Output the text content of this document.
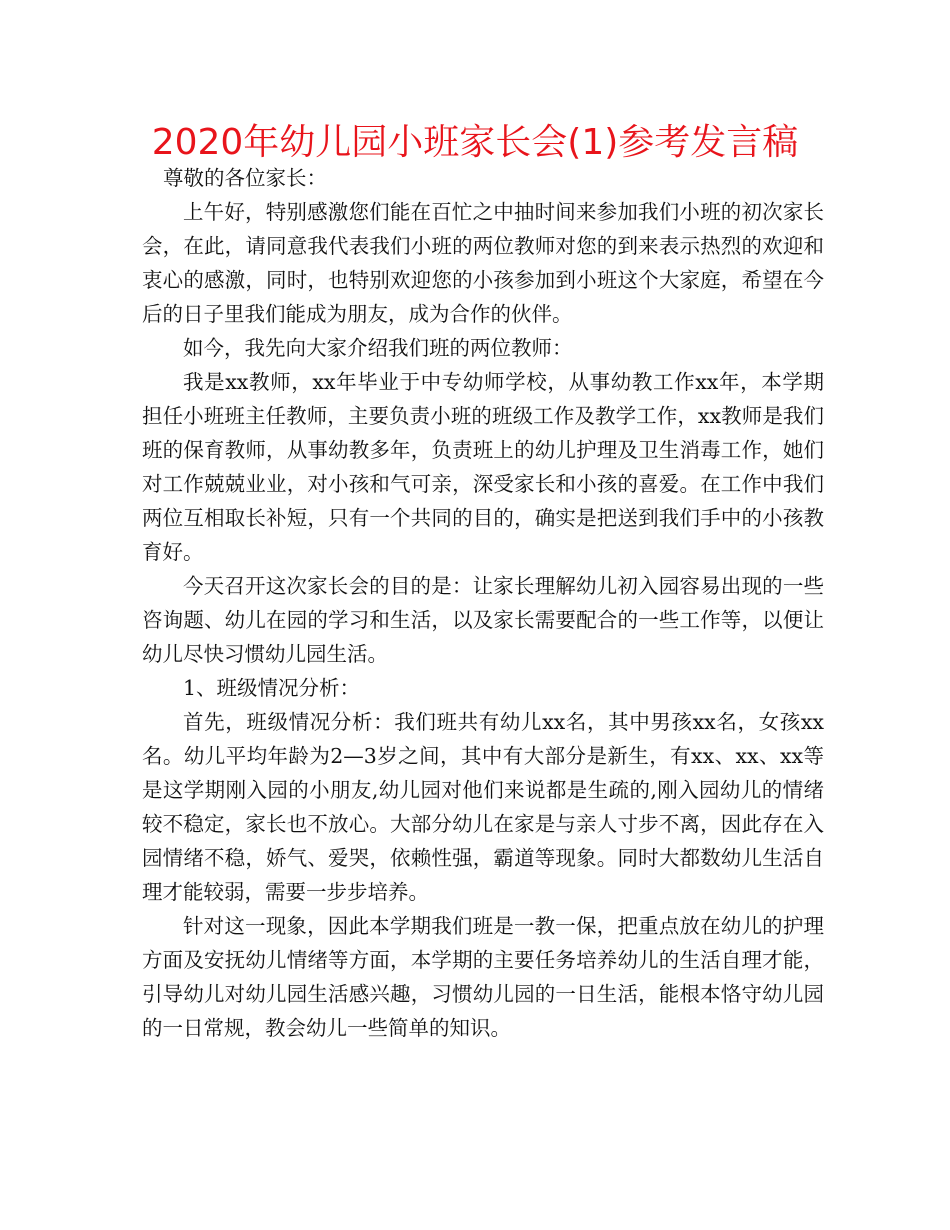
2020年幼儿园小班家长会(1)参考发言稿

尊敬的各位家长：

上午好，特别感激您们能在百忙之中抽时间来参加我们小班的初次家长会，在此，请同意我代表我们小班的两位教师对您的到来表示热烈的欢迎和衷心的感激，同时，也特别欢迎您的小孩参加到小班这个大家庭，希望在今后的日子里我们能成为朋友，成为合作的伙伴。

如今，我先向大家介绍我们班的两位教师：

我是xx教师，xx年毕业于中专幼师学校，从事幼教工作xx年，本学期担任小班班主任教师，主要负责小班的班级工作及教学工作，xx教师是我们班的保育教师，从事幼教多年，负责班上的幼儿护理及卫生消毒工作，她们对工作兢兢业业，对小孩和气可亲，深受家长和小孩的喜爱。在工作中我们两位互相取长补短，只有一个共同的目的，确实是把送到我们手中的小孩教育好。

今天召开这次家长会的目的是：让家长理解幼儿初入园容易出现的一些咨询题、幼儿在园的学习和生活，以及家长需要配合的一些工作等，以便让幼儿尽快习惯幼儿园生活。

1、班级情况分析：

首先，班级情况分析：我们班共有幼儿xx名，其中男孩xx名，女孩xx名。幼儿平均年龄为2—3岁之间，其中有大部分是新生，有xx、xx、xx等是这学期刚入园的小朋友,幼儿园对他们来说都是生疏的,刚入园幼儿的情绪较不稳定，家长也不放心。大部分幼儿在家是与亲人寸步不离，因此存在入园情绪不稳，娇气、爱哭，依赖性强，霸道等现象。同时大都数幼儿生活自理才能较弱，需要一步步培养。

针对这一现象，因此本学期我们班是一教一保，把重点放在幼儿的护理方面及安抚幼儿情绪等方面，本学期的主要任务培养幼儿的生活自理才能，引导幼儿对幼儿园生活感兴趣，习惯幼儿园的一日生活，能根本恪守幼儿园的一日常规，教会幼儿一些简单的知识。
